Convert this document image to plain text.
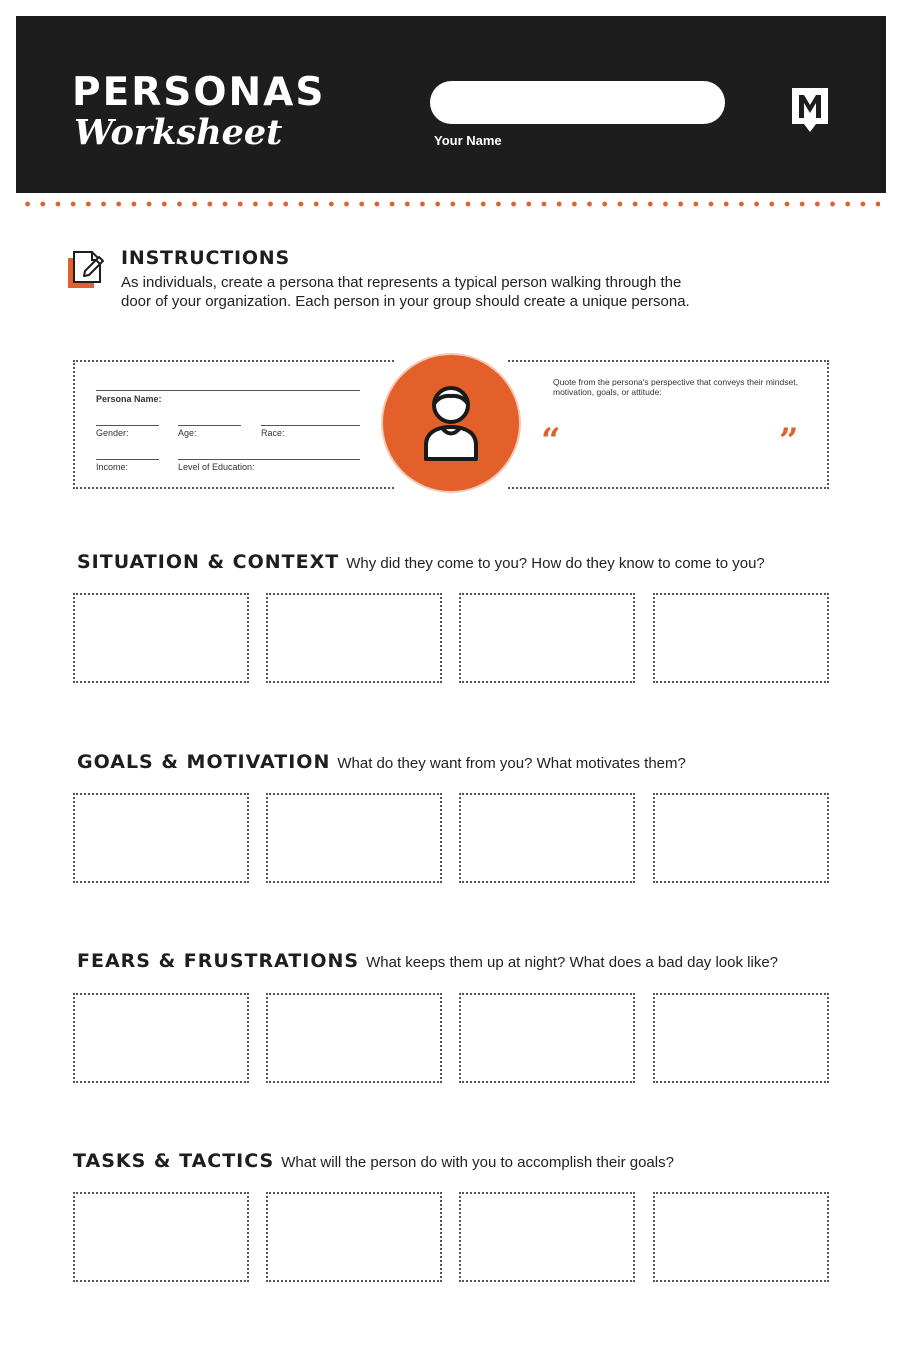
PERSONAS
Worksheet	Your Name
INSTRUCTIONS
As individuals, create a persona that represents a typical person walking through the
door of your organization. Each person in your group should create a unique persona.
Persona Name:
Gender:	Age:	Race:
Income:	Level of Education:
Quote from the persona's perspective that conveys their mindset, motivation, goals, or attitude:
“	”
SITUATION & CONTEXT Why did they come to you? How do they know to come to you?
GOALS & MOTIVATION What do they want from you? What motivates them?
FEARS & FRUSTRATIONS What keeps them up at night? What does a bad day look like?
TASKS & TACTICS What will the person do with you to accomplish their goals?
